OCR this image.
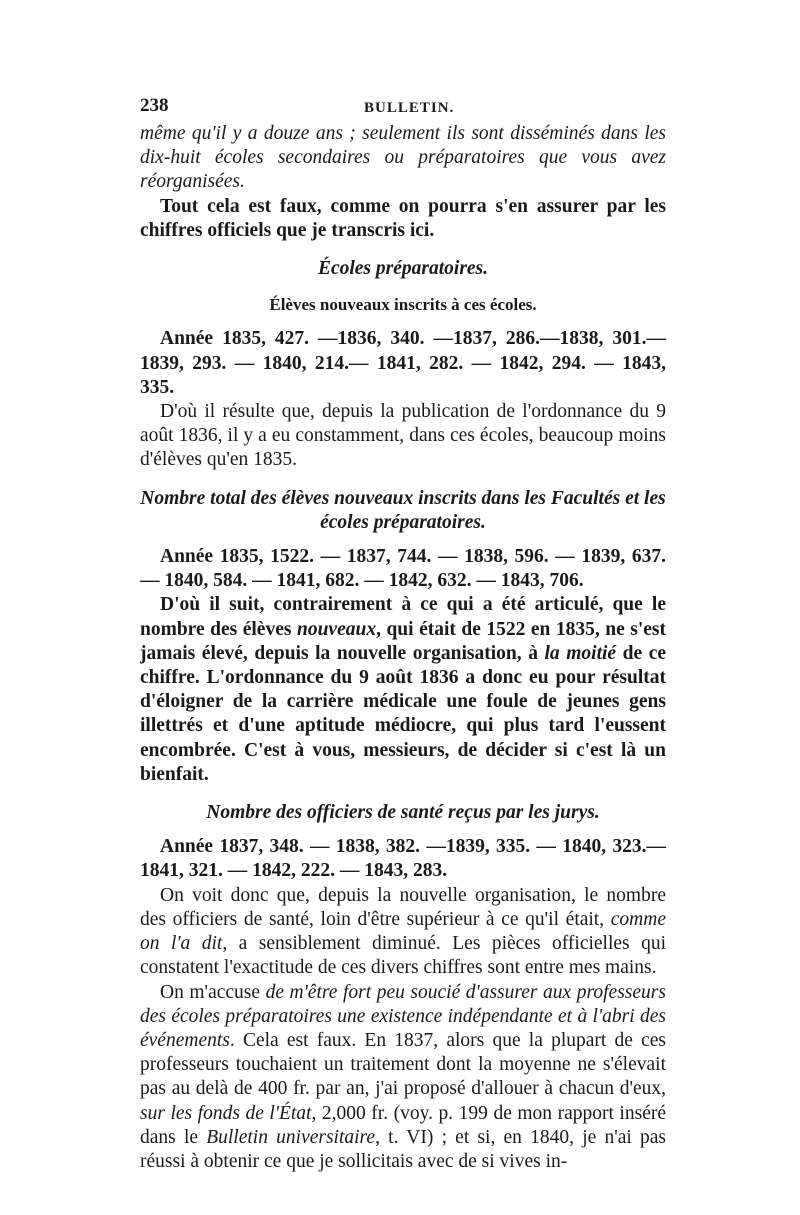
238	BULLETIN.

même qu'il y a douze ans ; seulement ils sont disséminés dans les dix-huit écoles secondaires ou préparatoires que vous avez réorganisées.

Tout cela est faux, comme on pourra s'en assurer par les chiffres officiels que je transcris ici.

Écoles préparatoires.
Élèves nouveaux inscrits à ces écoles.

Année 1835, 427. —1836, 340. —1837, 286.—1838, 301.—1839, 293. — 1840, 214.— 1841, 282. — 1842, 294. — 1843, 335.

D'où il résulte que, depuis la publication de l'ordonnance du 9 août 1836, il y a eu constamment, dans ces écoles, beaucoup moins d'élèves qu'en 1835.

Nombre total des élèves nouveaux inscrits dans les Facultés et les écoles préparatoires.

Année 1835, 1522. — 1837, 744. — 1838, 596. — 1839, 637.— 1840, 584. — 1841, 682. — 1842, 632. — 1843, 706.

D'où il suit, contrairement à ce qui a été articulé, que le nombre des élèves nouveaux, qui était de 1522 en 1835, ne s'est jamais élevé, depuis la nouvelle organisation, à la moitié de ce chiffre. L'ordonnance du 9 août 1836 a donc eu pour résultat d'éloigner de la carrière médicale une foule de jeunes gens illettrés et d'une aptitude médiocre, qui plus tard l'eussent encombrée. C'est à vous, messieurs, de décider si c'est là un bienfait.

Nombre des officiers de santé reçus par les jurys.

Année 1837, 348. — 1838, 382. —1839, 335. — 1840, 323.— 1841, 321. — 1842, 222. — 1843, 283.

On voit donc que, depuis la nouvelle organisation, le nombre des officiers de santé, loin d'être supérieur à ce qu'il était, comme on l'a dit, a sensiblement diminué. Les pièces officielles qui constatent l'exactitude de ces divers chiffres sont entre mes mains.

On m'accuse de m'être fort peu soucié d'assurer aux professeurs des écoles préparatoires une existence indépendante et à l'abri des événements. Cela est faux. En 1837, alors que la plupart de ces professeurs touchaient un traitement dont la moyenne ne s'élevait pas au delà de 400 fr. par an, j'ai proposé d'allouer à chacun d'eux, sur les fonds de l'État, 2,000 fr. (voy. p. 199 de mon rapport inséré dans le Bulletin universitaire, t. VI) ; et si, en 1840, je n'ai pas réussi à obtenir ce que je sollicitais avec de si vives in-
